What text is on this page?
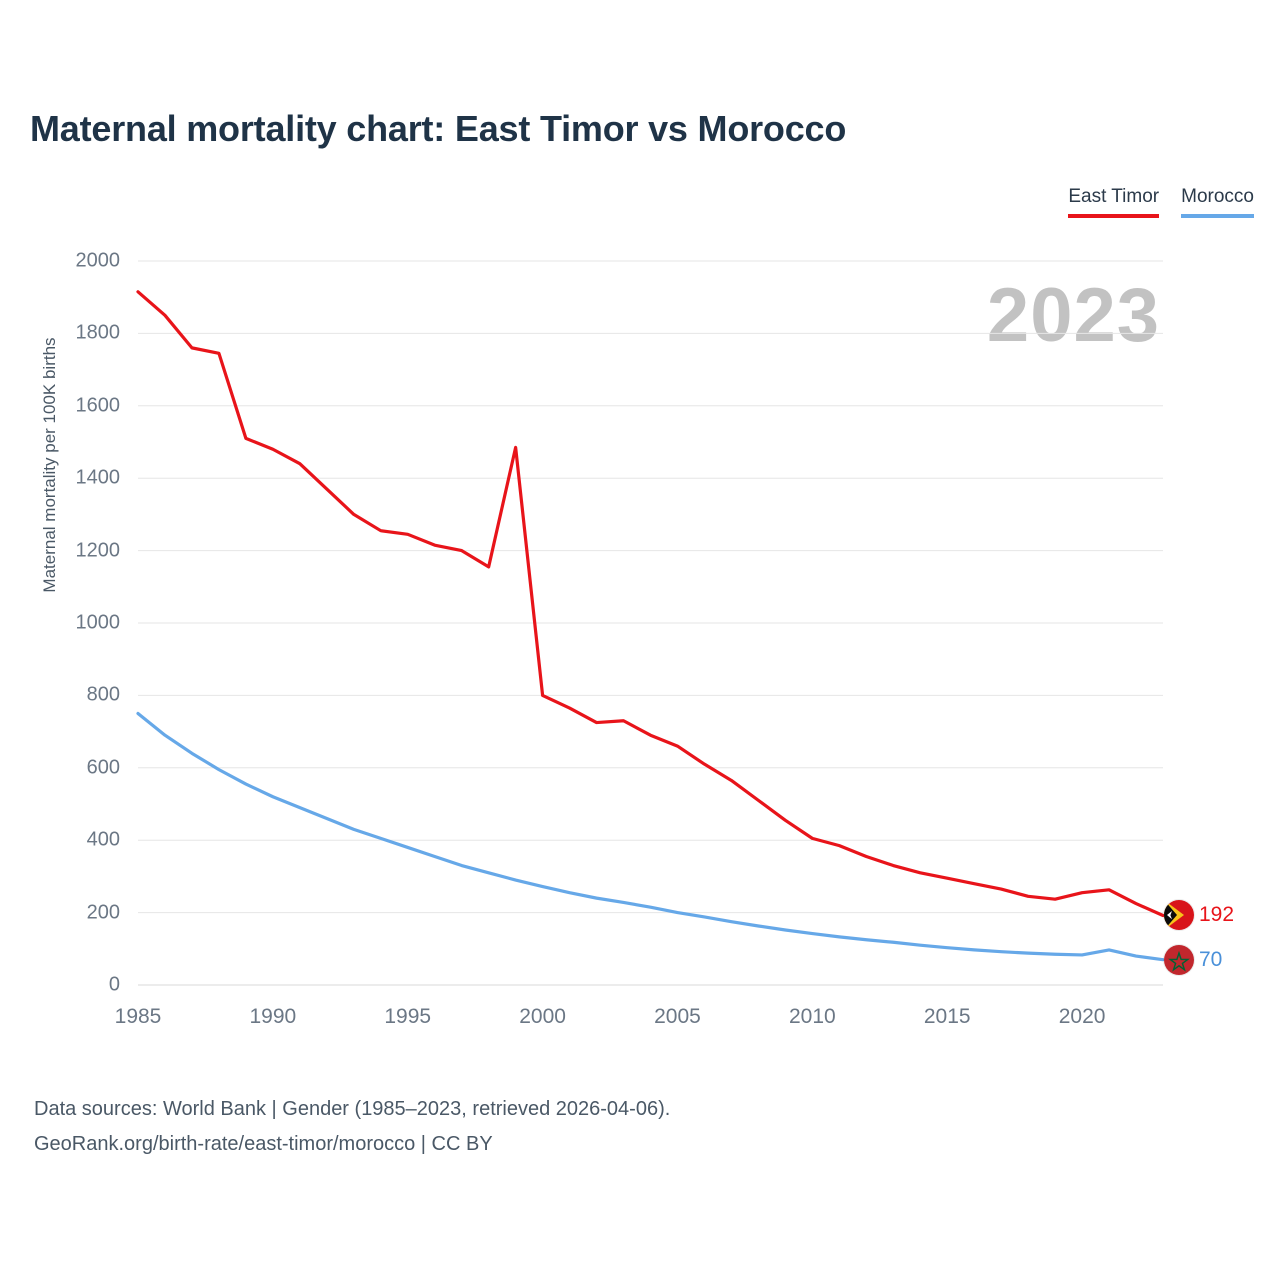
Maternal mortality chart: East Timor vs Morocco
East Timor Morocco
2023
Maternal mortality per 100K births
0
200
400
600
800
1000
1200
1400
1600
1800
2000
1985	1990	1995	2000	2005	2010	2015	2020
192
70
Data sources: World Bank | Gender (1985–2023, retrieved 2026-04-06).
GeoRank.org/birth-rate/east-timor/morocco | CC BY
